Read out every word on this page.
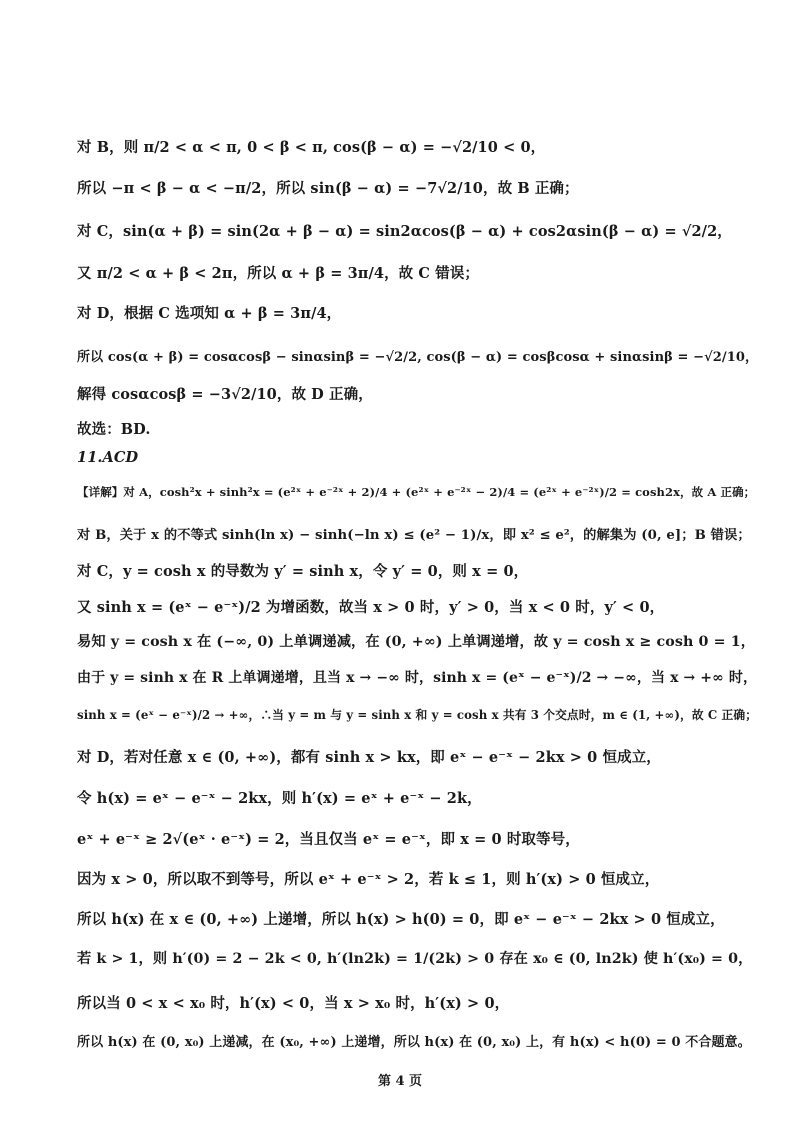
对 B，则 π/2 < α < π, 0 < β < π, cos(β − α) = −√2/10 < 0，
所以 −π < β − α < −π/2，所以 sin(β − α) = −7√2/10，故 B 正确；
对 C，sin(α + β) = sin(2α + β − α) = sin2αcos(β − α) + cos2αsin(β − α) = √2/2，
又 π/2 < α + β < 2π，所以 α + β = 3π/4，故 C 错误；
对 D，根据 C 选项知 α + β = 3π/4，
所以 cos(α + β) = cosαcosβ − sinαsinβ = −√2/2, cos(β − α) = cosβcosα + sinαsinβ = −√2/10，
解得 cosαcosβ = −3√2/10，故 D 正确，
故选：BD.
11.ACD
【详解】对 A，cosh²x + sinh²x = (e²ˣ + e⁻²ˣ + 2)/4 + (e²ˣ + e⁻²ˣ − 2)/4 = (e²ˣ + e⁻²ˣ)/2 = cosh2x，故 A 正确；
对 B，关于 x 的不等式 sinh(ln x) − sinh(−ln x) ≤ (e² − 1)/x，即 x² ≤ e²，的解集为 (0, e]；B 错误；
对 C，y = cosh x 的导数为 y′ = sinh x，令 y′ = 0，则 x = 0，
又 sinh x = (eˣ − e⁻ˣ)/2 为增函数，故当 x > 0 时，y′ > 0，当 x < 0 时，y′ < 0，
易知 y = cosh x 在 (−∞, 0) 上单调递减，在 (0, +∞) 上单调递增，故 y = cosh x ≥ cosh 0 = 1，
由于 y = sinh x 在 R 上单调递增，且当 x → −∞ 时，sinh x = (eˣ − e⁻ˣ)/2 → −∞，当 x → +∞ 时，
sinh x = (eˣ − e⁻ˣ)/2 → +∞，∴当 y = m 与 y = sinh x 和 y = cosh x 共有 3 个交点时，m ∈ (1, +∞)，故 C 正确；
对 D，若对任意 x ∈ (0, +∞)，都有 sinh x > kx，即 eˣ − e⁻ˣ − 2kx > 0 恒成立，
令 h(x) = eˣ − e⁻ˣ − 2kx，则 h′(x) = eˣ + e⁻ˣ − 2k，
eˣ + e⁻ˣ ≥ 2√(eˣ · e⁻ˣ) = 2，当且仅当 eˣ = e⁻ˣ，即 x = 0 时取等号，
因为 x > 0，所以取不到等号，所以 eˣ + e⁻ˣ > 2，若 k ≤ 1，则 h′(x) > 0 恒成立，
所以 h(x) 在 x ∈ (0, +∞) 上递增，所以 h(x) > h(0) = 0，即 eˣ − e⁻ˣ − 2kx > 0 恒成立，
若 k > 1，则 h′(0) = 2 − 2k < 0, h′(ln2k) = 1/(2k) > 0 存在 x₀ ∈ (0, ln2k) 使 h′(x₀) = 0，
所以当 0 < x < x₀ 时，h′(x) < 0，当 x > x₀ 时，h′(x) > 0，
所以 h(x) 在 (0, x₀) 上递减，在 (x₀, +∞) 上递增，所以 h(x) 在 (0, x₀) 上，有 h(x) < h(0) = 0 不合题意。
第 4 页
